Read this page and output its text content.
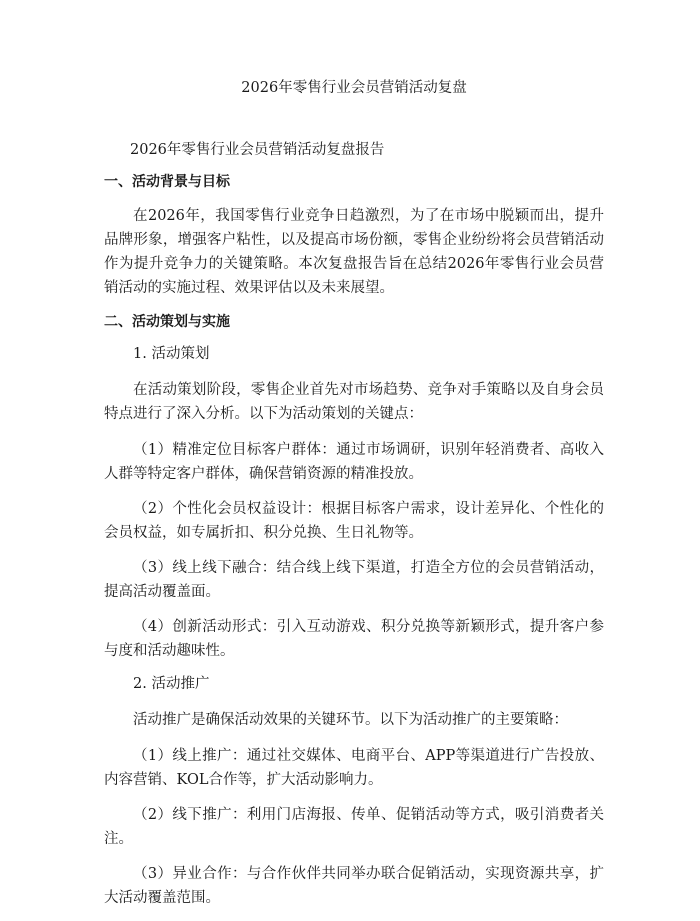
2026年零售行业会员营销活动复盘
2026年零售行业会员营销活动复盘报告
一、活动背景与目标
在2026年，我国零售行业竞争日趋激烈，为了在市场中脱颖而出，提升品牌形象，增强客户粘性，以及提高市场份额，零售企业纷纷将会员营销活动作为提升竞争力的关键策略。本次复盘报告旨在总结2026年零售行业会员营销活动的实施过程、效果评估以及未来展望。
二、活动策划与实施
1. 活动策划
在活动策划阶段，零售企业首先对市场趋势、竞争对手策略以及自身会员特点进行了深入分析。以下为活动策划的关键点：
（1）精准定位目标客户群体：通过市场调研，识别年轻消费者、高收入人群等特定客户群体，确保营销资源的精准投放。
（2）个性化会员权益设计：根据目标客户需求，设计差异化、个性化的会员权益，如专属折扣、积分兑换、生日礼物等。
（3）线上线下融合：结合线上线下渠道，打造全方位的会员营销活动，提高活动覆盖面。
（4）创新活动形式：引入互动游戏、积分兑换等新颖形式，提升客户参与度和活动趣味性。
2. 活动推广
活动推广是确保活动效果的关键环节。以下为活动推广的主要策略：
（1）线上推广：通过社交媒体、电商平台、APP等渠道进行广告投放、内容营销、KOL合作等，扩大活动影响力。
（2）线下推广：利用门店海报、传单、促销活动等方式，吸引消费者关注。
（3）异业合作：与合作伙伴共同举办联合促销活动，实现资源共享，扩大活动覆盖范围。
